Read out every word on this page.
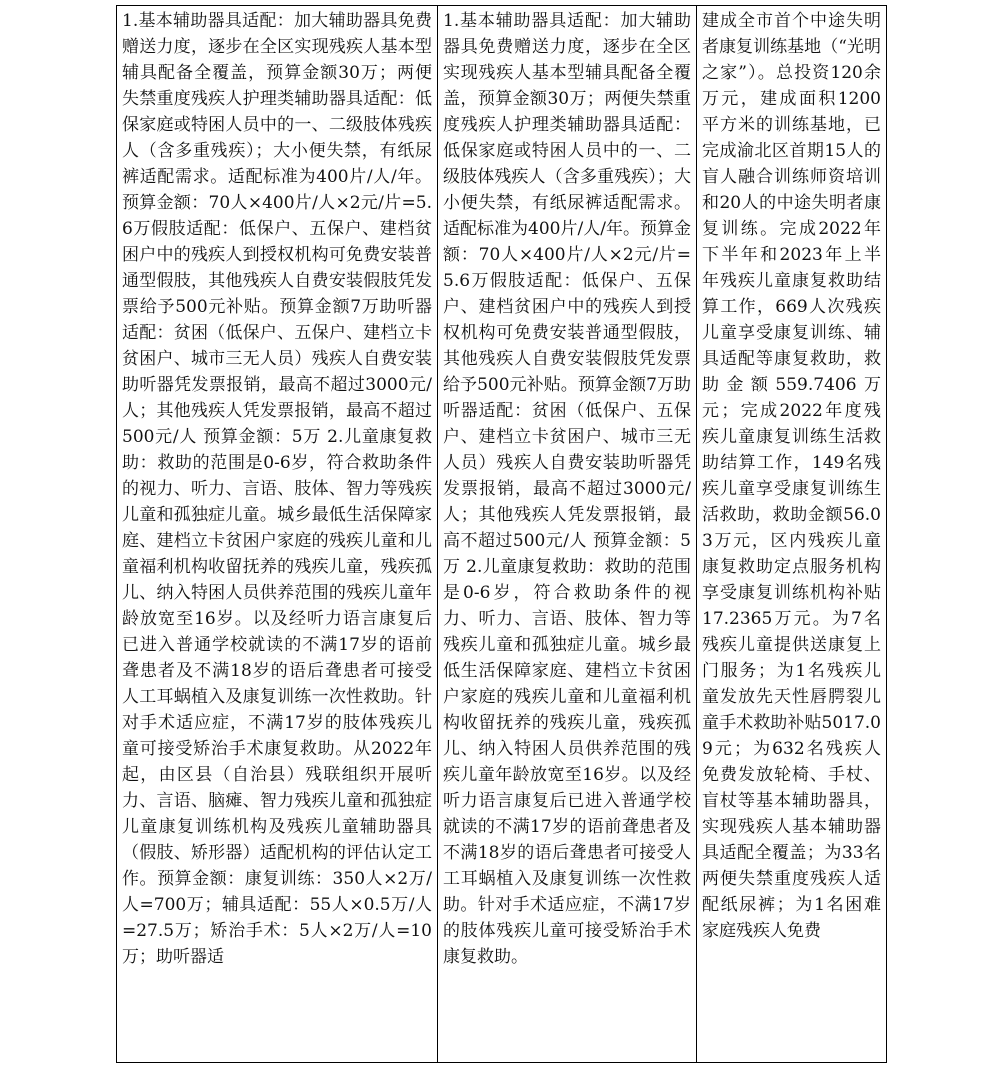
1.基本辅助器具适配：加大辅助器具免费赠送力度，逐步在全区实现残疾人基本型辅具配备全覆盖，预算金额30万；两便失禁重度残疾人护理类辅助器具适配：低保家庭或特困人员中的一、二级肢体残疾人（含多重残疾）；大小便失禁，有纸尿裤适配需求。适配标准为400片/人/年。预算金额：70人×400片/人×2元/片=5.6万假肢适配：低保户、五保户、建档贫困户中的残疾人到授权机构可免费安装普通型假肢，其他残疾人自费安装假肢凭发票给予500元补贴。预算金额7万助听器适配：贫困（低保户、五保户、建档立卡贫困户、城市三无人员）残疾人自费安装助听器凭发票报销，最高不超过3000元/人；其他残疾人凭发票报销，最高不超过500元/人 预算金额：5万 2.儿童康复救助：救助的范围是0-6岁，符合救助条件的视力、听力、言语、肢体、智力等残疾儿童和孤独症儿童。城乡最低生活保障家庭、建档立卡贫困户家庭的残疾儿童和儿童福利机构收留抚养的残疾儿童，残疾孤儿、纳入特困人员供养范围的残疾儿童年龄放宽至16岁。以及经听力语言康复后已进入普通学校就读的不满17岁的语前聋患者及不满18岁的语后聋患者可接受人工耳蜗植入及康复训练一次性救助。针对手术适应症，不满17岁的肢体残疾儿童可接受矫治手术康复救助。从2022年起，由区县（自治县）残联组织开展听力、言语、脑瘫、智力残疾儿童和孤独症儿童康复训练机构及残疾儿童辅助器具（假肢、矫形器）适配机构的评估认定工作。预算金额：康复训练：350人×2万/人=700万；辅具适配：55人×0.5万/人=27.5万；矫治手术：5人×2万/人=10万；助听器适	1.基本辅助器具适配：加大辅助器具免费赠送力度，逐步在全区实现残疾人基本型辅具配备全覆盖，预算金额30万；两便失禁重度残疾人护理类辅助器具适配：低保家庭或特困人员中的一、二级肢体残疾人（含多重残疾）；大小便失禁，有纸尿裤适配需求。适配标准为400片/人/年。预算金额：70人×400片/人×2元/片=5.6万假肢适配：低保户、五保户、建档贫困户中的残疾人到授权机构可免费安装普通型假肢，其他残疾人自费安装假肢凭发票给予500元补贴。预算金额7万助听器适配：贫困（低保户、五保户、建档立卡贫困户、城市三无人员）残疾人自费安装助听器凭发票报销，最高不超过3000元/人；其他残疾人凭发票报销，最高不超过500元/人 预算金额：5万 2.儿童康复救助：救助的范围是0-6岁，符合救助条件的视力、听力、言语、肢体、智力等残疾儿童和孤独症儿童。城乡最低生活保障家庭、建档立卡贫困户家庭的残疾儿童和儿童福利机构收留抚养的残疾儿童，残疾孤儿、纳入特困人员供养范围的残疾儿童年龄放宽至16岁。以及经听力语言康复后已进入普通学校就读的不满17岁的语前聋患者及不满18岁的语后聋患者可接受人工耳蜗植入及康复训练一次性救助。针对手术适应症，不满17岁的肢体残疾儿童可接受矫治手术康复救助。	建成全市首个中途失明者康复训练基地（“光明之家”）。总投资120余万元，建成面积1200平方米的训练基地，已完成渝北区首期15人的盲人融合训练师资培训和20人的中途失明者康复训练。完成2022年下半年和2023年上半年残疾儿童康复救助结算工作，669人次残疾儿童享受康复训练、辅具适配等康复救助，救助金额559.7406万元；完成2022年度残疾儿童康复训练生活救助结算工作，149名残疾儿童享受康复训练生活救助，救助金额56.03万元，区内残疾儿童康复救助定点服务机构享受康复训练机构补贴17.2365万元。为7名残疾儿童提供送康复上门服务；为1名残疾儿童发放先天性唇腭裂儿童手术救助补贴5017.09元；为632名残疾人免费发放轮椅、手杖、盲杖等基本辅助器具，实现残疾人基本辅助器具适配全覆盖；为33名两便失禁重度残疾人适配纸尿裤；为1名困难家庭残疾人免费
